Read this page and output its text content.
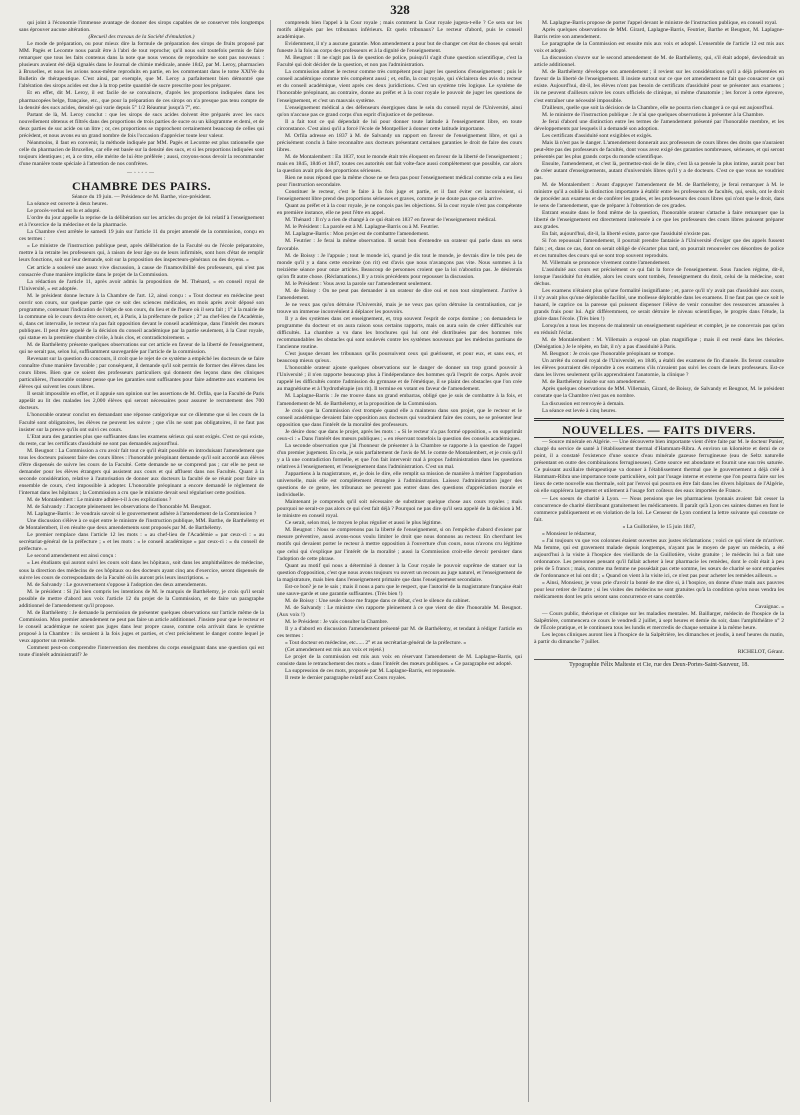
328

qui joint à l'économie l'immense avantage de donner des sirops capables de se conserver très longtemps sans éprouver aucune altération.

(Recueil des travaux de la Société d'émulation.)

Le mode de préparation, ou pour mieux dire la formule de préparation des sirops de fruits proposé par MM. Pagès et Lecomte nous paraît être à l'abri de tout reproche; qu'il nous soit toutefois permis de faire remarquer que tous les faits contenus dans la note que nous venons de reproduire ne sont pas nouveaux : plusieurs avaient été déjà signalés dans le Journal de chimie médicale, année 1842, par M. Leroy, pharmacien à Bruxelles, et nous les avions nous-même reproduits en partie, en les commentant dans le tome XXIVe du Bulletin de thérapeutique. C'est ainsi, par exemple, que M. Leroy a parfaitement bien démontré que l'altération des sirops acides est due à la trop petite quantité de sucre prescrite pour les préparer.

Et en effet, dit M. Leroy, il est facile de se convaincre, d'après les proportions indiquées dans les pharmacopées belge, française, etc., que pour la préparation de ces sirops on n'a presque pas tenu compte de la densité des sucs acides, densité qui varie depuis 5° 1/2 Réaumur jusqu'à 7°, etc.

Partant de là, M. Leroy conclut : que les sirops de sucs acides doivent être préparés avec les sucs nouvellement obtenus et filtrés dans des proportions de trois parties de sucre ou un kilogramme et demi, et de deux parties de suc acide ou un litre ; or, ces proportions se rapprochent certainement beaucoup de celles qui précèdent, et nous avons eu un grand nombre de fois l'occasion d'apprécier toute leur valeur.

Néanmoins, il faut en convenir, la méthode indiquée par MM. Pagès et Lecomte est plus rationnelle que celle du pharmacien de Bruxelles, car elle est basée sur la densité des sucs, et si les proportions indiquées sont toujours identiques ; et, à ce titre, elle mérite de lui être préférée ; aussi, croyons-nous devoir la recommander d'une manière toute spéciale à l'attention de nos confrères.

—◦◦◦◦—

CHAMBRE DES PAIRS.

Séance du 19 juin. — Présidence de M. Barthe, vice-président.

La séance est ouverte à deux heures.

Le procès-verbal est lu et adopté.

L'ordre du jour appelle la reprise de la délibération sur les articles du projet de loi relatif à l'enseignement et à l'exercice de la médecine et de la pharmacie.

La Chambre s'est arrêtée le samedi 19 juin sur l'article 11 du projet amendé de la commission, conçu en ces termes :

« Le ministre de l'instruction publique peut, après délibération de la Faculté ou de l'école préparatoire, mettre à la retraite les professeurs qui, à raison de leur âge ou de leurs infirmités, sont hors d'état de remplir leurs fonctions, soit sur leur demande, soit sur la proposition des inspecteurs-généraux ou des doyens. »

Cet article a soulevé une assez vive discussion, à cause de l'inamovibilité des professeurs, qui n'est pas consacrée d'une manière implicite dans le projet de la Commission.

La rédaction de l'article 11, après avoir admis la proposition de M. Thénard, « en conseil royal de l'Université, » est adoptée.

M. le président donne lecture à la Chambre de l'art. 12, ainsi conçu : « Tout docteur en médecine peut ouvrir son cours, sur quelque partie que ce soit des sciences médicales, en mois après avoir déposé son programme, contenant l'indication de l'objet de son cours, du lieu et de l'heure où il sera fait ; 1° à la mairie de la commune où le cours devra être ouvert, et, à Paris, à la préfecture de police ; 2° au chef-lieu de l'Académie, si, dans cet intervalle, le recteur n'a pas fait opposition devant le conseil académique, dans l'intérêt des mœurs publiques. Il peut être appelé de la décision du conseil académique par la partie seulement, à la Cour royale, qui statue en la première chambre civile, à huis clos, et contradictoirement. »

M. de Barthélemy présente quelques observations sur cet article en faveur de la liberté de l'enseignement, qui ne serait pas, selon lui, suffisamment sauvegardée par l'article de la commission.

Revenant sur la question du concours, il croit que le rejet de ce système a empêché les docteurs de se faire connaître d'une manière favorable ; par conséquent, il demande qu'il soit permis de former des élèves dans les cours libres. Bien que ce soient des professeurs particuliers qui donnent des leçons dans des cliniques particulières, l'honorable orateur pense que les garanties sont suffisantes pour faire admettre aux examens les élèves qui suivent les cours libres.

Il serait impossible en effet, et il appuie son opinion sur les assertions de M. Orfila, que la Faculté de Paris appelât au lit des malades les 2,000 élèves qui seront nécessaires pour assurer le recrutement des 700 docteurs.

L'honorable orateur conclut en demandant une réponse catégorique sur ce dilemme que si les cours de la Faculté sont obligatoires, les élèves ne peuvent les suivre ; que s'ils ne sont pas obligatoires, il ne faut pas insister sur la preuve qu'ils ont suivi ces cours.

L'Etat aura des garanties plus que suffisantes dans les examens sérieux qui sont exigés. C'est ce qui existe, du reste, car les certificats d'assiduité ne sont pas demandés aujourd'hui.

M. Beugnot : La Commission a cru avoir fait tout ce qu'il était possible en introduisant l'amendement que tous les docteurs puissent faire des cours libres : l'honorable préopinant demande qu'il soit accordé aux élèves d'être dispensés de suivre les cours de la Faculté. Cette demande ne se comprend pas ; car elle ne peut se demander pour les élèves étrangers qui assistent aux cours et qui affluent dans nos Facultés. Quant à la seconde considération, relative à l'autorisation de donner aux docteurs la faculté de se réunir pour faire un ensemble de cours, c'est impossible à adopter. L'honorable préopinant a encore demandé le règlement de l'internat dans les hôpitaux ; la Commission a cru que le ministre devait seul régulariser cette position.

M. de Montalembert : Le ministre adhère-t-il à ces explications ?

M. de Salvandy : J'accepte pleinement les observations de l'honorable M. Beugnot.

M. Laplagne-Barris : Je voudrais savoir si le gouvernement adhère à l'amendement de la Commission ?

Une discussion s'élève à ce sujet entre le ministre de l'instruction publique, MM. Barthe, de Barthélemy et de Montalembert, il en résulte que deux amendements sont proposés par M. de Barthélemy.

Le premier remplace dans l'article 12 les mots : « au chef-lieu de l'Académie » par ceux-ci : « au secrétariat-général de la préfecture ; » et les mots : « le conseil académique » par ceux-ci : « du conseil de préfecture. »

Le second amendement est ainsi conçu :

« Les étudiants qui auront suivi les cours soit dans les hôpitaux, soit dans les amphithéâtres de médecine, sous la direction des médecins de ces hôpitaux ou des docteurs ayant cinq ans d'exercice, seront dispensés de suivre les cours de correspondants de la Faculté où ils auront pris leurs inscriptions. »

M. de Salvandy : Le gouvernement s'oppose à l'adoption des deux amendements.

M. le président : Si j'ai bien compris les intentions de M. le marquis de Barthélemy, je crois qu'il serait possible de mettre d'abord aux voix l'article 12 du projet de la Commission, et de faire un paragraphe additionnel de l'amendement qu'il propose.

M. de Barthélemy : Je demande la permission de présenter quelques observations sur l'article même de la Commission. Mon premier amendement ne peut pas faire un article additionnel. J'insiste pour que le recteur et le conseil académique ne soient pas juges dans leur propre cause, comme cela arrivait dans le système proposé à la Chambre : ils seraient à la fois juges et parties, et c'est précisément le danger contre lequel je veux apporter un remède.

Comment peut-on comprendre l'intervention des membres du corps enseignant dans une question qui est toute d'intérêt administratif? Je

comprends bien l'appel à la Cour royale ; mais comment la Cour royale jugera-t-elle ? Ce sera sur les motifs allégués par les tribunaux inférieurs. Et quels tribunaux? Le recteur d'abord, puis le conseil académique.

Evidemment, il n'y a aucune garantie. Mon amendement a pour but de changer cet état de choses qui serait funeste à la fois au corps des professeurs et à la dignité de l'enseignement.

M. Beugnot : Il ne s'agit pas là de question de police, puisqu'il s'agit d'une question scientifique, c'est la Faculté qui doit décider de la question, et non pas l'administration.

La commission admet le recteur comme très compétent pour juger les questions d'enseignement ; puis le conseil académique comme très compétent aussi ; et, enfin, la cour royale, qui s'éclairera des avis du recteur et du conseil académique, vient après ces deux juridictions. C'est un système très logique. Le système de l'honorable préopinant, au contraire, donne au préfet et à la cour royale le pouvoir de juger les questions de l'enseignement, et c'est un mauvais système.

L'enseignement médical a des défenseurs énergiques dans le sein du conseil royal de l'Université, ainsi qu'on n'accuse pas ce grand corps d'un esprit d'injustice et de petitesse.

Il a fait tout ce qui dépendait de lui pour donner toute latitude à l'enseignement libre, en toute circonstance. C'est ainsi qu'il a forcé l'école de Montpellier à donner cette latitude importante.

M. Orfila adresse en 1837 à M. de Salvandy un rapport en faveur de l'enseignement libre, et qui a précisément conclu à faire reconnaître aux docteurs présentant certaines garanties le droit de faire des cours libres.

M. de Montalembert : En 1837, tout le monde était très éloquent en faveur de la liberté de l'enseignement ; mais en 1845, 1846 et 1847, toutes ces autorités ont fait volte-face aussi complètement que possible, car alors la question avait pris des proportions sérieuses.

Rien ne nous répond que la même chose ne se fera pas pour l'enseignement médical comme cela a eu lieu pour l'instruction secondaire.

Constituer le recteur, c'est le faire à la fois juge et partie, et il faut éviter cet inconvénient, si l'enseignement libre prend des proportions sérieuses et graves, comme je ne doute pas que cela arrive.

Quant au préfet et à la cour royale, je ne conçois pas les objections. Si la cour royale n'est pas compétente en première instance, elle ne peut l'être en appel.

M. Thénard : Il n'y a rien de changé à ce qui était en 1837 en faveur de l'enseignement médical.

M. le Président : La parole est à M. Laplagne-Barris ou à M. Feutrier.

M. Laplagne-Barris : Mon projet est de combattre l'amendement.

M. Feutrier : Je ferai la même observation. Il serait bon d'entendre un orateur qui parle dans un sens favorable.

M. de Boissy : Je l'appuie ; tout le monde ici, quand je dis tout le monde, je devrais dire le très peu de monde qu'il y a dans cette enceinte (on rit) est d'avis que nous n'avançons pas vite. Nous sommes à la treizième séance pour onze articles. Beaucoup de personnes croient que la loi n'aboutira pas. Je désirerais qu'on fît autre chose. (Réclamations.) Il y a trois précédents pour repousser la discussion.

M. le Président : Vous avez la parole sur l'amendement seulement.

M. de Boissy : On ne peut pas demander à un orateur de dire oui et non tout simplement. J'arrive à l'amendement.

Je ne veux pas qu'on détruise l'Université, mais je ne veux pas qu'on détruise la centralisation, car je trouve un immense inconvénient à déplacer les pouvoirs.

Il y a des systèmes dans cet enseignement, et, trop souvent l'esprit de corps domine ; on demandera le programme du docteur et on aura raison sous certains rapports, mais on aura soin de créer difficultés sur difficultés. La chambre a vu dans les brochures qui lui ont été distribuées par des hommes très recommandables les obstacles qui sont soulevés contre les systèmes nouveaux par les médecins partisans de l'ancienne routine.

C'est jusque devant les tribunaux qu'ils poursuivent ceux qui guérissent, et pour eux, et sans eux, et beaucoup mieux qu'eux.

L'honorable orateur ajoute quelques observations sur le danger de donner un trop grand pouvoir à l'Université ; il n'en rapporte beaucoup plus à l'indépendance des hommes qu'à l'esprit de corps. Après avoir rappelé les difficultés contre l'admission du gymnase et de l'émétique, il se plaint des obstacles que l'on crée au magnétisme et à l'hydrothérapie (on rit). Il termine en votant en faveur de l'amendement.

M. Laplagne-Barris : Je me trouve dans un grand embarras, obligé que je suis de combattre à la fois, et l'amendement de M. de Barthélemy, et la proposition de la Commission.

Je crois que la Commission s'est trompée quand elle a maintenu dans son projet, que le recteur et le conseil académique devaient faire opposition aux docteurs qui voudraient faire des cours, ne se présenter leur opposition que dans l'intérêt de la moralité des professeurs.

Je désire donc que dans le projet, après les mots : « Si le recteur n'a pas formé opposition, » on supprimât ceux-ci : « Dans l'intérêt des mœurs publiques ; » en réservant toutefois la question des conseils académiques.

La seconde observation que j'ai l'honneur de présenter à la Chambre se rapporte à la question de l'appel d'un premier jugement. En cela, je suis parfaitement de l'avis de M. le comte de Montalembert, et je crois qu'il y a là une contradiction formelle, et que l'on fait intervenir mal à propos l'administration dans les questions relatives à l'enseignement, et l'enseignement dans l'administration. C'est un mal.

J'appartiens à la magistrature, et, je dois le dire, elle remplit sa mission de manière à mériter l'approbation universelle, mais elle est complètement étrangère à l'administration. Laissez l'administration juger des questions de ce genre, les tribunaux ne peuvent pas entrer dans des questions d'appréciation morale et individuelle.

Maintenant je comprends qu'il soit nécessaire de substituer quelque chose aux cours royales ; mais pourquoi ne serait-ce pas alors ce qui s'est fait déjà ? Pourquoi ne pas dire qu'il sera appelé de la décision à M. le ministre en conseil royal.

Ce serait, selon moi, le moyen le plus régulier et aussi le plus légitime.

M. Beugnot : Nous ne comprenons pas la liberté de l'enseignement, si on l'empêche d'abord d'exister par mesure préventive, aussi avons-nous voulu limiter le droit que nous donnons au recteur. En cherchant les motifs qui devaient porter le recteur à mettre opposition à l'ouverture d'un cours, nous n'avons cru légitime que celui qui s'explique par l'intérêt de la moralité ; aussi la Commission croit-elle devoir persister dans l'adoption de cette phrase.

Quant au motif qui nous a déterminé à donner à la Cour royale le pouvoir suprême de statuer sur la question d'opposition, c'est que nous avons toujours vu ouvert un recours au juge naturel, et l'enseignement de la magistrature, mais bien dans l'enseignement primaire que dans l'enseignement secondaire.

Est-ce bon? je ne le sais ; mais il nous a paru que le respect, que l'autorité de la magistrature française était une sauve-garde et une garantie suffisantes. (Très bien !)

M. de Boissy : Une seule chose me frappe dans ce débat, c'est le silence du cabinet.

M. de Salvandy : Le ministre s'en rapporte pleinement à ce que vient de dire l'honorable M. Beugnot. (Aux voix !)

M. le Président : Je vais consulter la Chambre.

Il y a d'abord en discussion l'amendement présenté par M. de Barthélemy, et tendant à rédiger l'article en ces termes :

« Tout docteur en médecine, etc...... 2° et au secrétariat-général de la préfecture. »

(Cet amendement est mis aux voix et rejeté.)

Le projet de la commission est mis aux voix en réservant l'amendement de M. Laplagne-Barris, qui consiste dans le retranchement des mots « dans l'intérêt des mœurs publiques. » Ce paragraphe est adopté.

La suppression de ces mots, proposée par M. Laplagne-Barris, est repoussée.

Il reste le dernier paragraphe relatif aux Cours royales.

M. Laplagne-Barris propose de porter l'appel devant le ministre de l'instruction publique, en conseil royal.

Après quelques observations de MM. Girard, Laplagne-Barris, Feutrier, Barthe et Beugnot, M. Laplagne-Barris retire son amendement.

Le paragraphe de la Commission est ensuite mis aux voix et adopté. L'ensemble de l'article 12 est mis aux voix et adopté.

La discussion s'ouvre sur le second amendement de M. de Barthélemy, qui, s'il était adopté, deviendrait un article additionnel.

M. de Barthélemy développe son amendement ; il revient sur les considérations qu'il a déjà présentées en faveur de la liberté de l'enseignement. Il insiste surtout sur ce que cet amendement ne fait que consacrer ce qui existe. Aujourd'hui, dit-il, les élèves n'ont pas besoin de certificats d'assiduité pour se présenter aux examens ; ils ne peuvent d'ailleurs suivre les cours officiels de clinique, ni même d'anatomie ; les forcer à cette épreuve, c'est entraîner une nécessité impossible.

D'ailleurs, quelle que soit la décision de la Chambre, elle ne pourra rien changer à ce qui est aujourd'hui.

M. le ministre de l'instruction publique : Je n'ai que quelques observations à présenter à la Chambre.

Je ferai d'abord une distinction entre les termes de l'amendement présenté par l'honorable membre, et les développements par lesquels il a demandé son adoption.

Les certificats d'assiduité sont exigibles et exigés.

Mais là n'est pas le danger. L'amendement donnerait aux professeurs de cours libres des droits que n'auraient peut-être pas des professeurs de facultés, dont vous avez exigé des garanties nombreuses, sérieuses, et qui seront présentés par les plus grands corps du monde scientifique.

Ensuite, l'amendement, et c'est là, permettez-moi de le dire, c'est là sa pensée la plus intime, aurait pour but de créer autant d'enseignements, autant d'universités libres qu'il y a de docteurs. C'est ce que vous ne voudriez pas.

M. de Montalembert : Avant d'appuyer l'amendement de M. de Barthélemy, je ferai remarquer à M. le ministre qu'il a oublié la distinction importante à établir entre les professeurs de facultés, qui, seuls, ont le droit de procéder aux examens et de conférer les grades, et les professeurs des cours libres qui n'ont que le droit, dans le sens de l'amendement, que de préparer à l'obtention de ces grades.

Entrant ensuite dans le fond même de la question, l'honorable orateur s'attache à faire remarquer que la liberté de l'enseignement est directement intéressée à ce que les professeurs des cours libres puissent préparer aux grades.

En fait, aujourd'hui, dit-il, la liberté existe, parce que l'assiduité n'existe pas.

Si l'on repoussait l'amendement, il pourrait prendre fantaisie à l'Université d'exiger que des appels fussent faits ; et, dans ce cas, dont on serait obligé de s'écarter plus tard, on pourrait renouveler ces désordres de police et ces tumultes des cours qui se sont trop souvent reproduits.

M. Villemain se prononce vivement contre l'amendement.

L'assiduité aux cours est précisément ce qui fait la force de l'enseignement. Sous l'ancien régime, dit-il, lorsque l'assiduité fut étudiée, alors les cours sont tombés, l'enseignement du droit, celui de la médecine, sont déchus.

Les examens n'étaient plus qu'une formalité insignifiante ; et, parce qu'il n'y avait pas d'assiduité aux cours, il n'y avait plus qu'une déplorable facilité, une mollesse déplorable dans les examens. Il ne faut pas que ce soit le hasard, le caprice ou la paresse qui puissent dispenser l'élève de venir consulter des ressources amassées à grands frais pour lui. Agir différemment, ce serait détruire le niveau scientifique, le progrès dans l'étude, la gloire dans l'école. (Très bien !)

Lorsqu'on a tous les moyens de maintenir un enseignement supérieur et complet, je ne concevrais pas qu'on en réduisît l'éclat.

M. de Montalembert : M. Villemain a exposé un plan magnifique ; mais il est resté dans les théories. (Dénégation.) Je le répète, en fait, il n'y a pas d'assiduité à Paris.

M. Beugnot : Je crois que l'honorable préopinant se trompe.

Un arrêté du conseil royal de l'Université, en 1846, a établi des examens de fin d'année. Ils feront connaître les élèves pourraient dès répondre à ces examens s'ils n'avaient pas suivi les cours de leurs professeurs. Est-ce dans les livres seulement qu'ils apprendraient l'anatomie, la clinique ?

M. de Barthélemy insiste sur son amendement.

Après quelques observations de MM. Villemain, Girard, de Boissy, de Salvandy et Beugnot, M. le président constate que la Chambre n'est pas en nombre.

La discussion est renvoyée à demain.

La séance est levée à cinq heures.

NOUVELLES. — FAITS DIVERS.

— Source minérale en Algérie. — Une découverte bien importante vient d'être faite par M. le docteur Panier, chargé du service de santé à l'établissement thermal d'Hammam-Ribra. A environ un kilomètre et demi de ce point, il a constaté l'existence d'une source d'eau minérale gazeuse ferrugineuse (eau de Seltz naturelle présentant en outre des combinaisons ferrugineuses). Cette source est abondante et fournit une eau très saturée. Ce puissant auxiliaire thérapeutique va donner à l'établissement thermal que le gouvernement a déjà créé à Hammam-Ribra une importance toute particulière, soit par l'usage interne et externe que l'on pourra faire sur les lieux de cette nouvelle eau thermale, soit par l'envoi qui pourra en être fait dans les divers hôpitaux de l'Algérie, où elle supplérera largement et utilement à l'usage fort coûteux des eaux importées de France.

— Les soeurs de charité à Lyon. — Nous pensions que les pharmaciens lyonnais avaient fait cesser la concurrence de charité distribuant gratuitement les médicaments. Il paraît qu'à Lyon ces saintes dames en font le commerce publiquement et en violation de la loi. Le Censeur de Lyon contient la lettre suivante qui constate ce fait.

« La Guillotière, le 15 juin 1847,

« Monsieur le rédacteur,

« J'ai toujours vu que vos colonnes étaient ouvertes aux justes réclamations ; voici ce qui vient de m'arriver. Ma femme, qui est gravement malade depuis longtemps, n'ayant pas le moyen de payer un médecin, a été aujourd'hui à la visite à l'hospice des vieillards de la Guillotière, visite gratuite ; le médecin lui a fait une ordonnance. Les personnes pensant qu'il fallait acheter à leur pharmacie les remèdes, dont le coût était à peu près de 5 francs ; mais, comme ma femme ne possédait pas cette somme, les sœurs de charité se sont emparées de l'ordonnance et lui ont dit ; « Quand on vient à la visite ici, ce n'est pas pour acheter les remèdes ailleurs. »

« Ainsi, Monsieur, je vous prie d'avoir la bonté de me dire si, à l'hospice, on donne d'une main aux pauvres pour leur retirer de l'autre ; si les visites des médecins ne sont gratuites qu'à la condition qu'on nous vendra les médicaments dont les prix seront sans concurrence et sans contrôle.

Cavaignac. »

— Cours public, théorique et clinique sur les maladies mentales. M. Baillarger, médecin de l'hospice de la Salpêtrière, commencera ce cours le vendredi 2 juillet, à sept heures et demie du soir, dans l'amphithéâtre n° 2 de l'École pratique, et le continuera tous les lundis et mercredis de chaque semaine à la même heure.

Les leçons cliniques auront lieu à l'hospice de la Salpêtrière, les dimanches et jeudis, à neuf heures du matin, à partir du dimanche 7 juillet.

RICHELOT, Gérant.

Typographie Félix Malteste et Cie, rue des Deux-Portes-Saint-Sauveur, 18.
